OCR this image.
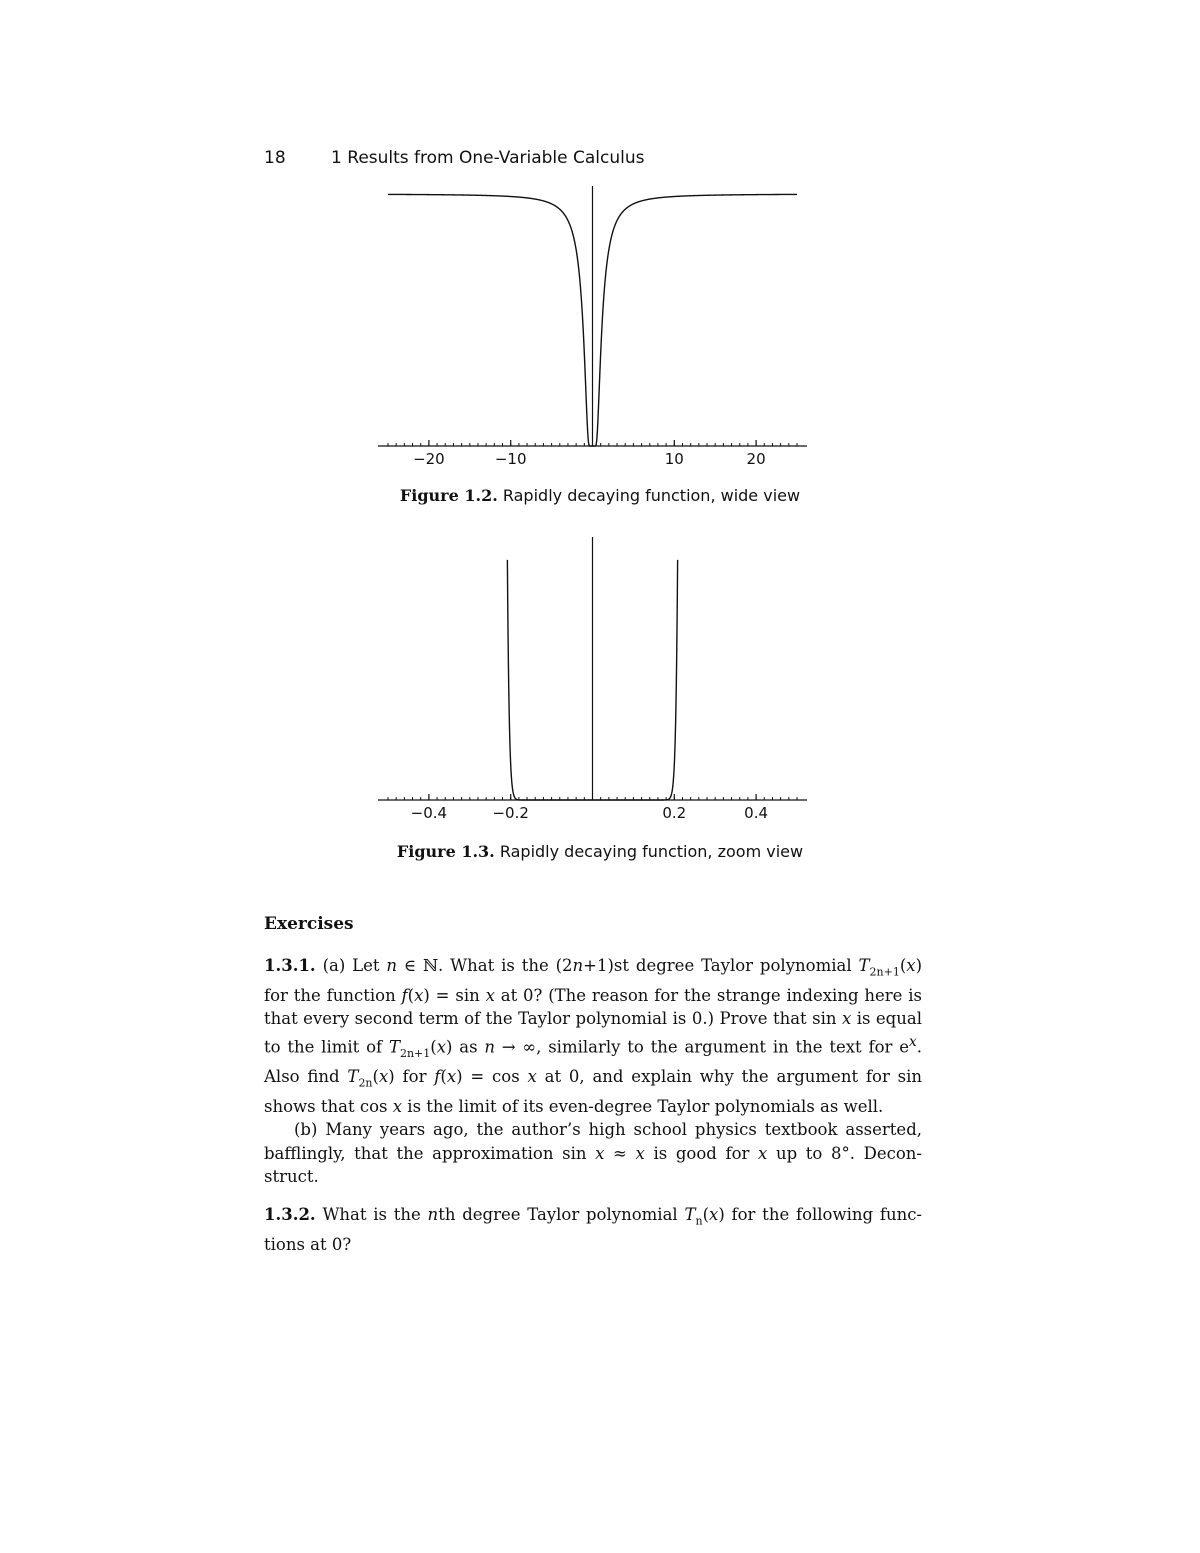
18	1 Results from One-Variable Calculus
−20	−10	10	20
Figure 1.2. Rapidly decaying function, wide view
−0.4	−0.2	0.2	0.4
Figure 1.3. Rapidly decaying function, zoom view
Exercises

1.3.1. (a) Let n ∈ ℕ. What is the (2n+1)st degree Taylor polynomial $T_{2n+1}(x)$ for the function f(x) = sin x at 0? (The reason for the strange indexing here is that every second term of the Taylor polynomial is 0.) Prove that sin x is equal to the limit of $T_{2n+1}(x)$ as n → ∞, similarly to the argument in the text for $e^x$. Also find $T_{2n}(x)$ for f(x) = cos x at 0, and explain why the argument for sin shows that cos x is the limit of its even-degree Taylor polynomials as well.

(b) Many years ago, the author’s high school physics textbook asserted, bafflingly, that the approximation sin x ≈ x is good for x up to 8°. Decon-struct.

1.3.2. What is the nth degree Taylor polynomial $T_n(x)$ for the following func- tions at 0?
